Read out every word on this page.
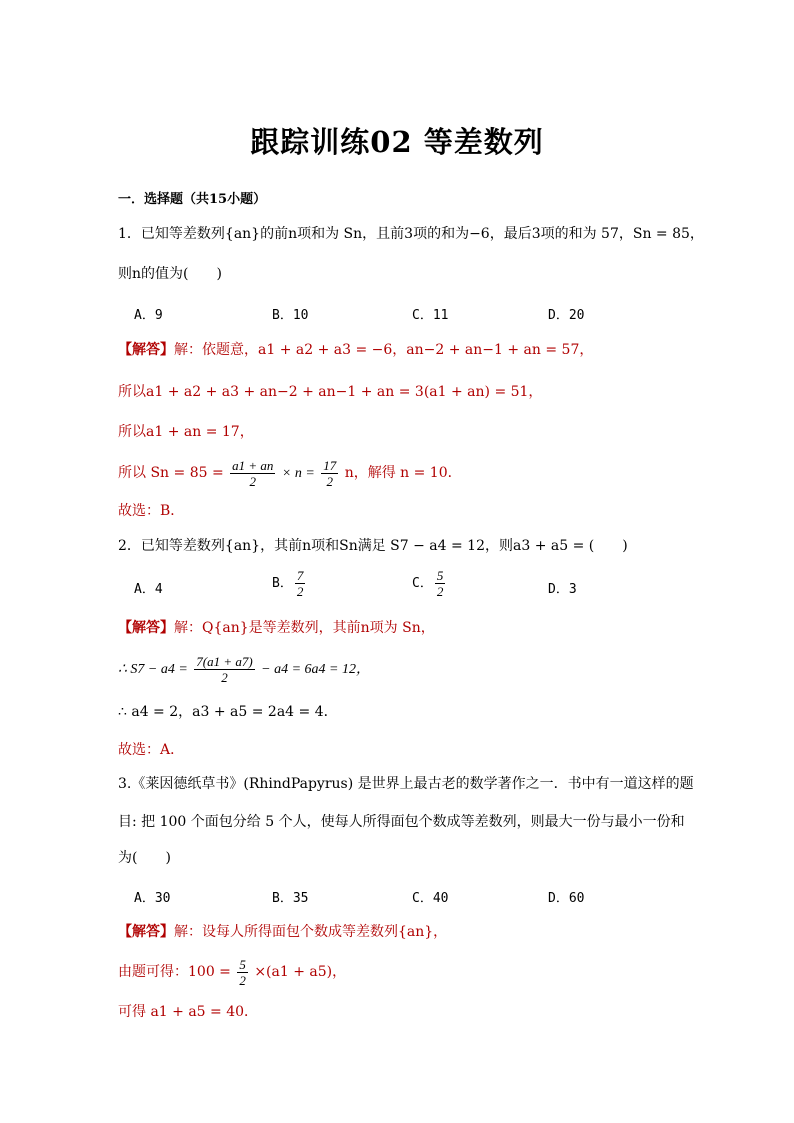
跟踪训练02 等差数列
一．选择题（共15小题）
1．已知等差数列{an}的前n项和为 Sn，且前3项的和为−6，最后3项的和为 57，Sn = 85，
则n的值为(　　)
A．9	B．10	C．11	D．20
【解答】解：依题意，a1 + a2 + a3 = −6，an−2 + an−1 + an = 57，
所以a1 + a2 + a3 + an−2 + an−1 + an = 3(a1 + an) = 51，
所以a1 + an = 17，
所以 $Sn = 85 = \frac{a1 + an}{2} \times n = \frac{17}{2}$ n，解得 n = 10．
故选：B．
2．已知等差数列{an}，其前n项和Sn满足 S7 − a4 = 12，则a3 + a5 = (　　)
A．4	B． $\frac{7}{2}$	C． $\frac{5}{2}$	D．3
【解答】解：Q{an}是等差数列，其前n项为 Sn，
∴ $S7 - a4 = \frac{7(a1 + a7)}{2} - a4 = 6a4 = 12$，
∴ a4 = 2，a3 + a5 = 2a4 = 4．
故选：A．
3.《莱因德纸草书》(RhindPapyrus) 是世界上最古老的数学著作之一．书中有一道这样的题
目: 把 100 个面包分给 5 个人，使每人所得面包个数成等差数列，则最大一份与最小一份和
为(　　)
A．30	B．35	C．40	D．60
【解答】解：设每人所得面包个数成等差数列{an}，
由题可得：$100 = \frac{5}{2} \times(a1 + a5)$，
可得 a1 + a5 = 40．
